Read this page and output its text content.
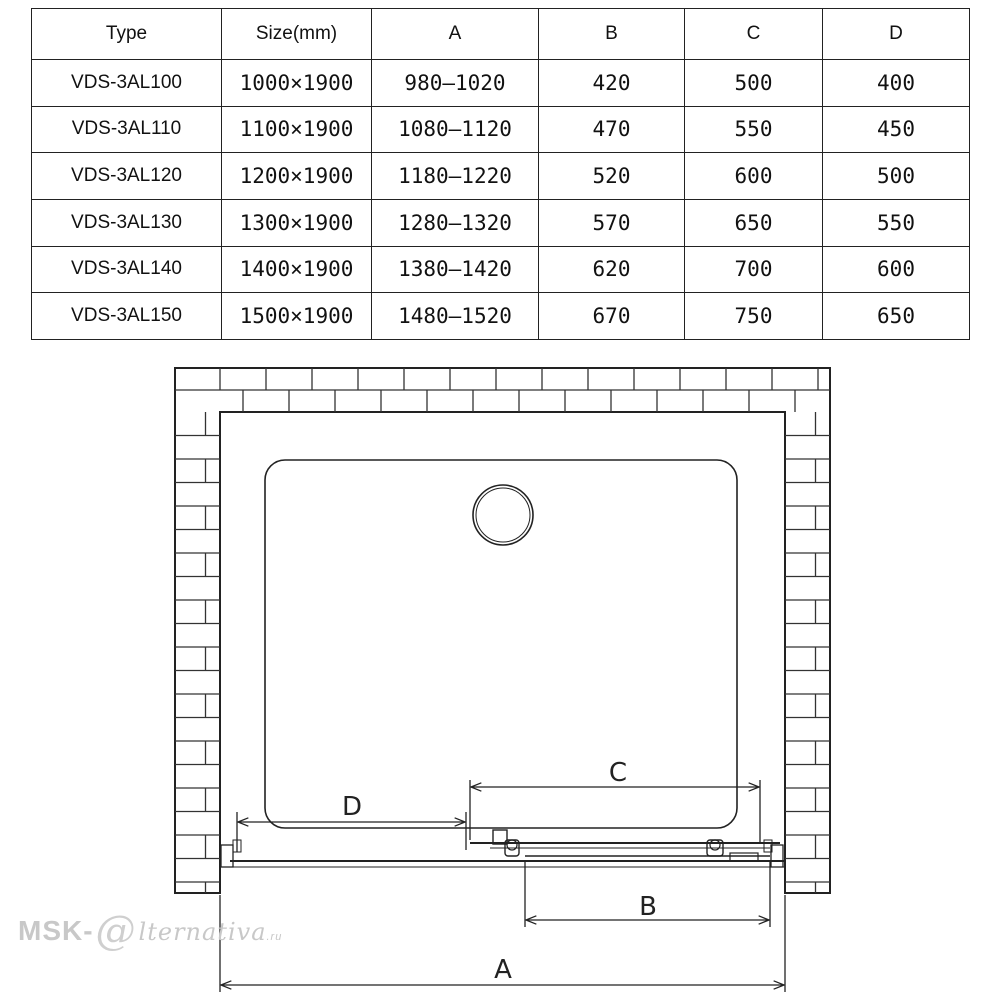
Type	Size(mm)	A	B	C	D
VDS-3AL100	1000×1900	980–1020	420	500	400
VDS-3AL110	1100×1900	1080–1120	470	550	450
VDS-3AL120	1200×1900	1180–1220	520	600	500
VDS-3AL130	1300×1900	1280–1320	570	650	550
VDS-3AL140	1400×1900	1380–1420	620	700	600
VDS-3AL150	1500×1900	1480–1520	670	750	650
A
B
C
D
MSK-@lternativa.ru
